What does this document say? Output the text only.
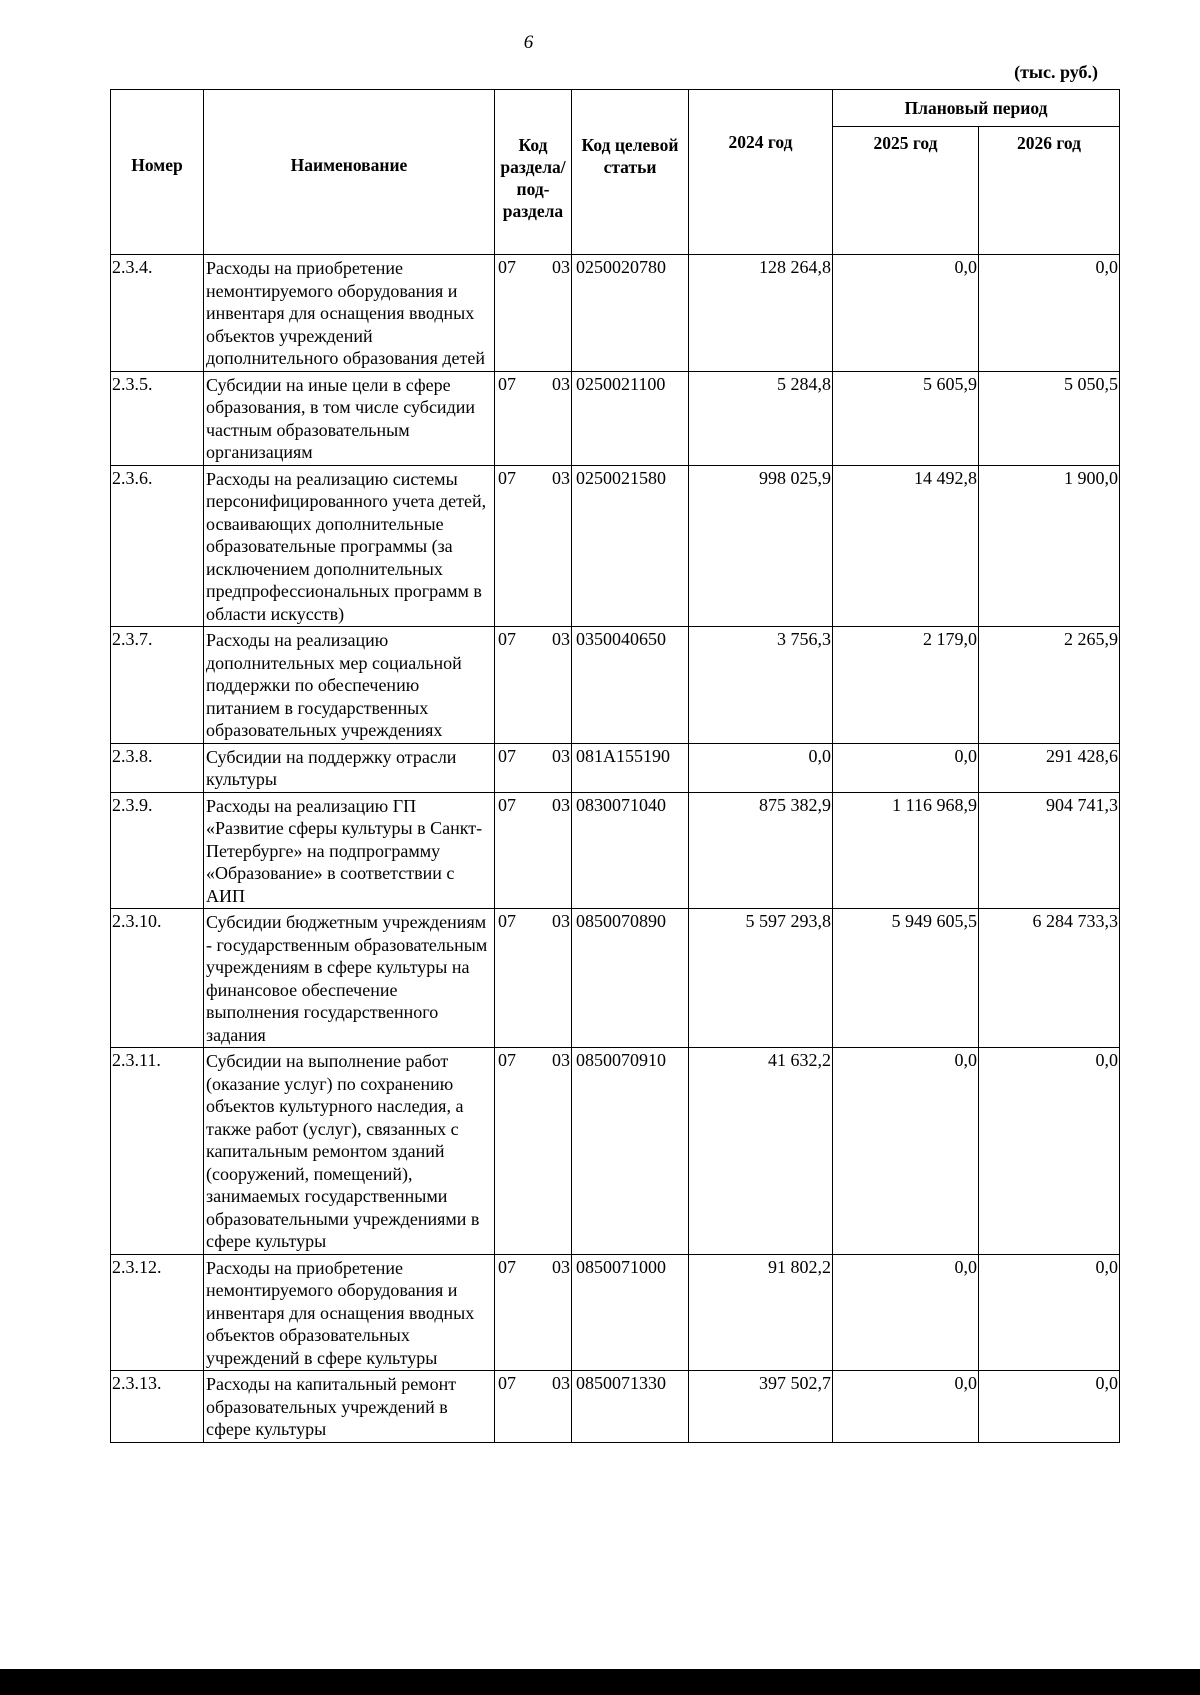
6
(тыс. руб.)
Номер	Наименование	Код раздела/ под- раздела	Код целевой статьи	2024 год	Плановый период	
					2025 год	2026 год
2.3.4.	Расходы на приобретение немонтируемого оборудования и инвентаря для оснащения вводных объектов учреждений дополнительного образования детей	07 03	0250020780	128 264,8	0,0	0,0
2.3.5.	Субсидии на иные цели в сфере образования, в том числе субсидии частным образовательным организациям	07 03	0250021100	5 284,8	5 605,9	5 050,5
2.3.6.	Расходы на реализацию системы персонифицированного учета детей, осваивающих дополнительные образовательные программы (за исключением дополнительных предпрофессиональных программ в области искусств)	07 03	0250021580	998 025,9	14 492,8	1 900,0
2.3.7.	Расходы на реализацию дополнительных мер социальной поддержки по обеспечению питанием в государственных образовательных учреждениях	07 03	0350040650	3 756,3	2 179,0	2 265,9
2.3.8.	Субсидии на поддержку отрасли культуры	07 03	081A155190	0,0	0,0	291 428,6
2.3.9.	Расходы на реализацию ГП «Развитие сферы культуры в Санкт-Петербурге» на подпрограмму «Образование» в соответствии с АИП	07 03	0830071040	875 382,9	1 116 968,9	904 741,3
2.3.10.	Субсидии бюджетным учреждениям - государственным образовательным учреждениям в сфере культуры на финансовое обеспечение выполнения государственного задания	07 03	0850070890	5 597 293,8	5 949 605,5	6 284 733,3
2.3.11.	Субсидии на выполнение работ (оказание услуг) по сохранению объектов культурного наследия, а также работ (услуг), связанных с капитальным ремонтом зданий (сооружений, помещений), занимаемых государственными образовательными учреждениями в сфере культуры	07 03	0850070910	41 632,2	0,0	0,0
2.3.12.	Расходы на приобретение немонтируемого оборудования и инвентаря для оснащения вводных объектов образовательных учреждений в сфере культуры	07 03	0850071000	91 802,2	0,0	0,0
2.3.13.	Расходы на капитальный ремонт образовательных учреждений в сфере культуры	07 03	0850071330	397 502,7	0,0	0,0
